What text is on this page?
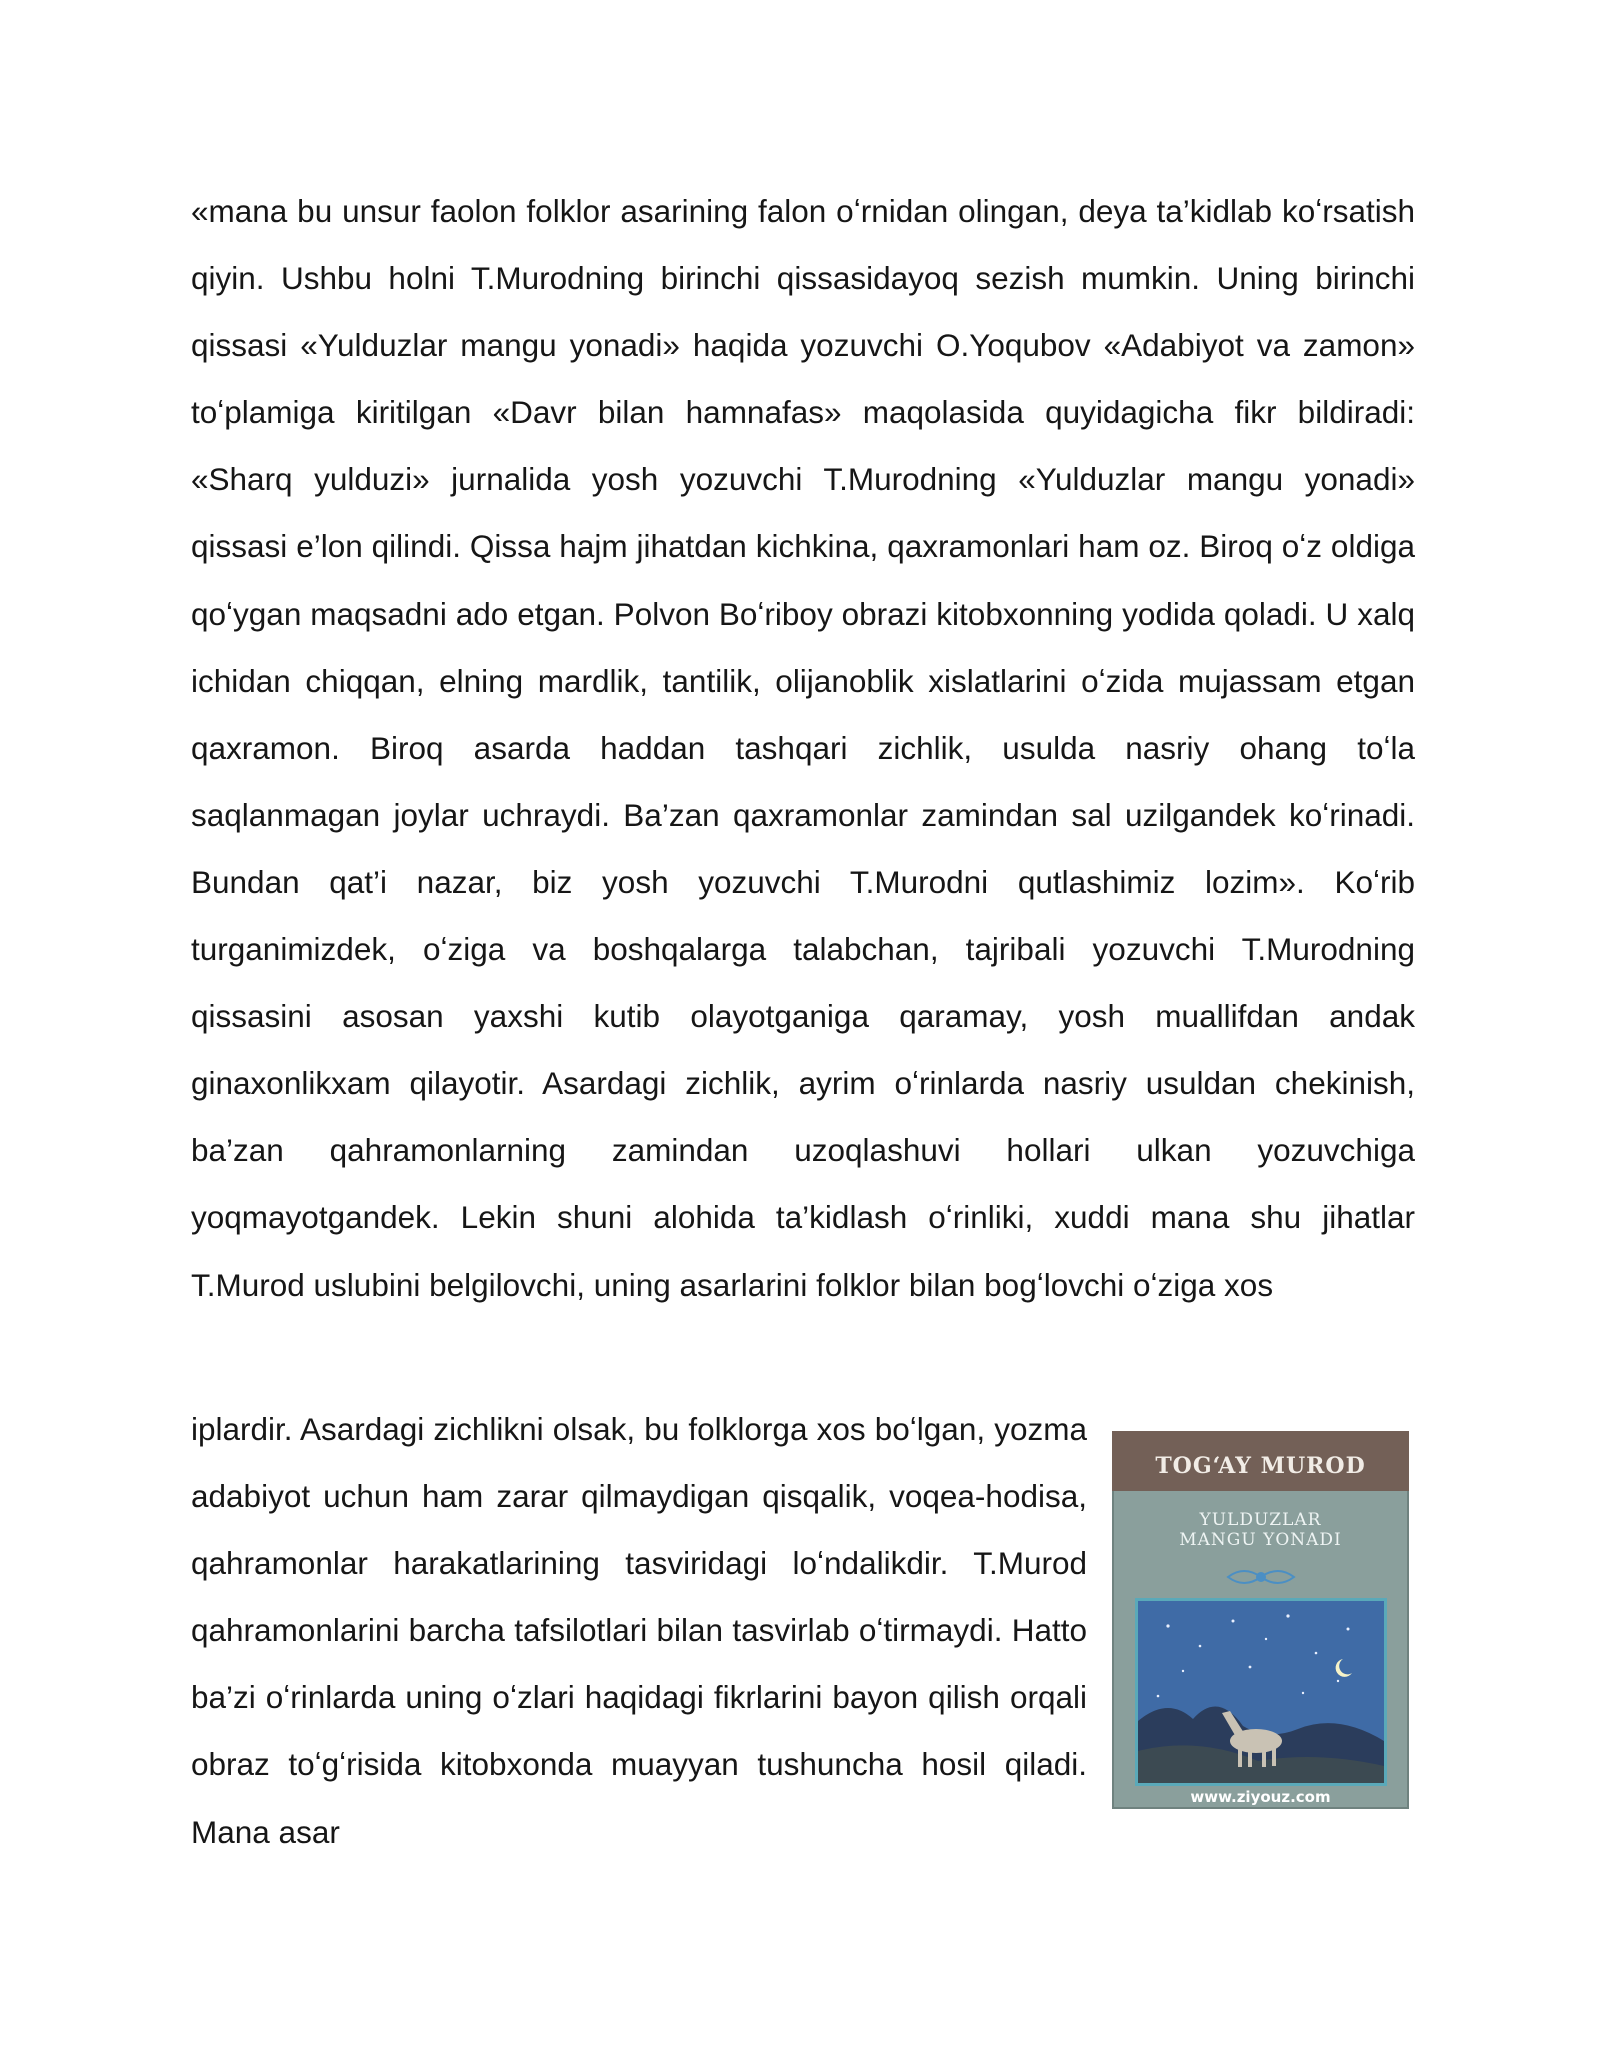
«mana bu unsur faolon folklor asarining falon oʻrnidan olingan, deya ta’kidlab koʻrsatish qiyin. Ushbu holni T.Murodning birinchi qissasidayoq sezish mumkin. Uning birinchi qissasi «Yulduzlar mangu yonadi» haqida yozuvchi O.Yoqubov «Adabiyot va zamon» toʻplamiga kiritilgan «Davr bilan hamnafas» maqolasida quyidagicha fikr bildiradi: «Sharq yulduzi» jurnalida yosh yozuvchi T.Murodning «Yulduzlar mangu yonadi» qissasi e’lon qilindi. Qissa hajm jihatdan kichkina, qaxramonlari ham oz. Biroq oʻz oldiga qoʻygan maqsadni ado etgan. Polvon Boʻriboy obrazi kitobxonning yodida qoladi. U xalq ichidan chiqqan, elning mardlik, tantilik, olijanoblik xislatlarini oʻzida mujassam etgan qaxramon. Biroq asarda haddan tashqari zichlik, usulda nasriy ohang toʻla saqlanmagan joylar uchraydi. Ba’zan qaxramonlar zamindan sal uzilgandek koʻrinadi. Bundan qat’i nazar, biz yosh yozuvchi T.Murodni qutlashimiz lozim». Koʻrib turganimizdek, oʻziga va boshqalarga talabchan, tajribali yozuvchi T.Murodning qissasini asosan yaxshi kutib olayotganiga qaramay, yosh muallifdan andak ginaxonlikxam qilayotir. Asardagi zichlik, ayrim oʻrinlarda nasriy usuldan chekinish, ba’zan qahramonlarning zamindan uzoqlashuvi hollari ulkan yozuvchiga yoqmayotgandek. Lekin shuni alohida ta’kidlash oʻrinliki, xuddi mana shu jihatlar T.Murod uslubini belgilovchi, uning asarlarini folklor bilan bogʻlovchi oʻziga xos

iplardir. Asardagi zichlikni olsak, bu folklorga xos boʻlgan, yozma adabiyot uchun ham zarar qilmaydigan qisqalik, voqea-hodisa, qahramonlar harakatlarining tasviridagi loʻndalikdir. T.Murod qahramonlarini barcha tafsilotlari bilan tasvirlab oʻtirmaydi. Hatto ba’zi oʻrinlarda uning oʻzlari haqidagi fikrlarini bayon qilish orqali obraz toʻgʻrisida kitobxonda muayyan tushuncha hosil qiladi. Mana asar

TOGʻAY MUROD
YULDUZLAR
MANGU YONADI
www.ziyouz.com
